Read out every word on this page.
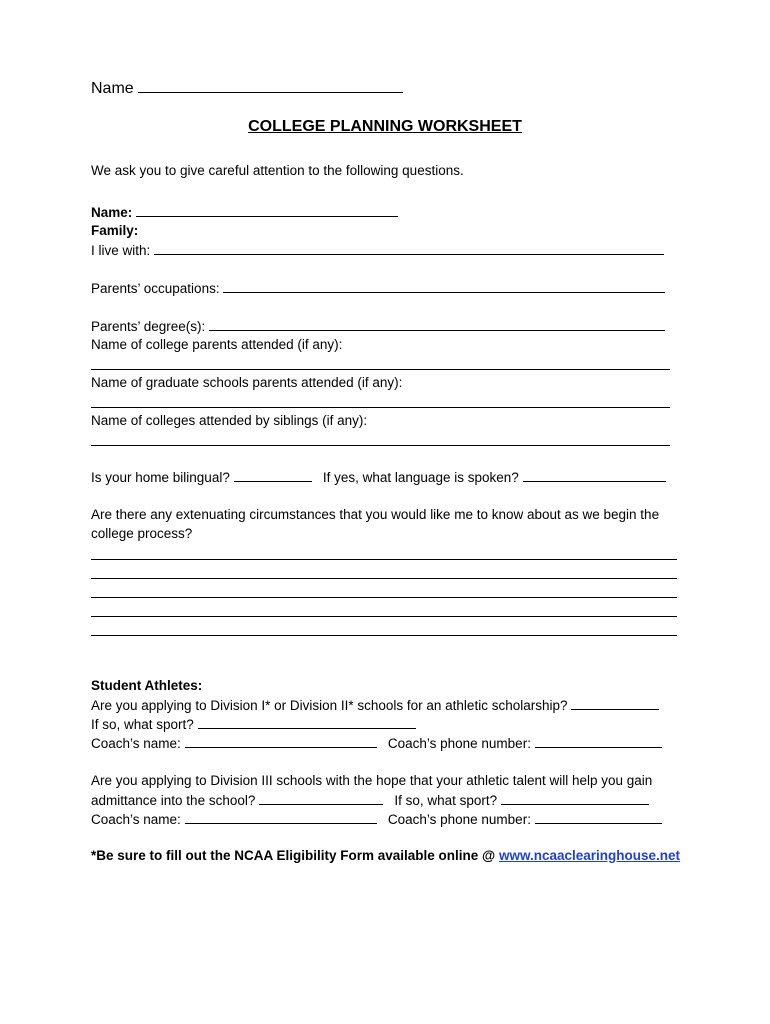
Name
COLLEGE PLANNING WORKSHEET
We ask you to give careful attention to the following questions.
Name:
Family:
I live with:
Parents’ occupations:
Parents’ degree(s):
Name of college parents attended (if any):
Name of graduate schools parents attended (if any):
Name of colleges attended by siblings (if any):
Is your home bilingual?	If yes, what language is spoken?
Are there any extenuating circumstances that you would like me to know about as we begin the college process?
Student Athletes:
Are you applying to Division I* or Division II* schools for an athletic scholarship?
If so, what sport?
Coach’s name:	Coach’s phone number:
Are you applying to Division III schools with the hope that your athletic talent will help you gain
admittance into the school?	If so, what sport?
Coach’s name:	Coach’s phone number:
*Be sure to fill out the NCAA Eligibility Form available online @ www.ncaaclearinghouse.net
